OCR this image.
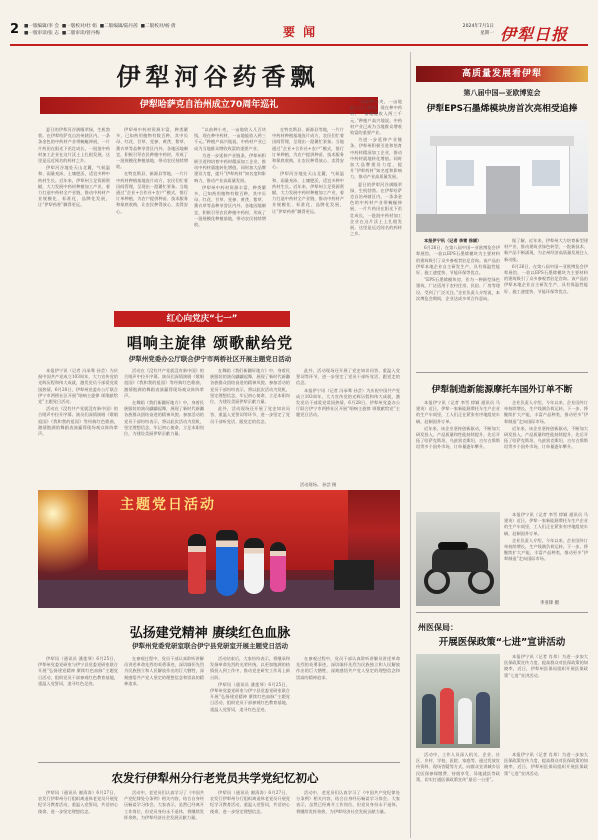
2 ■一版编辑/李 会 ■一版校对/杜 娟 ■二版编辑/陆丹茜 ■二版校对/杨 倩
■一版审读/张 志 ■二版审读/曾丹梅	要 闻	2024年7月1日
星期一 伊犁日报
伊犁河谷药香飘
伊犁哈萨克自治州成立70周年巡礼

夏日的伊犁河谷满眼翠绿，生机勃勃。在伊犁哈萨克自治州辖区内，一条条金色的中药材产业带蜿蜒伸展，一片片药田在阳光下茁壮成长，一批批中药材加工企业在这片沃土上扎根发展。这里是远近闻名的药材之乡。

伊犁河谷地处天山北麓，气候温和、雨量充沛，土壤肥沃，适宜多种中药材生长。近年来，伊犁州立足资源禀赋，大力发展中药材种植加工产业，着力打造中药材全产业链，推动中药材产业规模化、标准化、品牌化发展，让“伊犁药香”飘得更远。

伊犁州中药材资源丰富，种类繁多，已知药用植物有数百种，其中贝母、红花、甘草、党参、黄芪、紫草、薰衣草等品种享誉区内外。各地因地制宜，积极引导农民种植中药材，形成了一批规模化种植基地，带动农民持续增收。

在特克斯县、新源县等地，一片片中药材种植基地连片成方，农民们忙着田间管理，呈现出一派繁忙景象。当地通过“企业+合作社+农户”模式，推行订单种植，为农户提供种苗、技术服务和保底收购，让农民种得放心、卖得安心。

“以前种小麦，一亩地收入几百块钱，现在种中药材，一亩地能收入两三千元。”种植户高兴地说。中药材产业已成为当地群众增收致富的重要产业。

为进一步延伸产业链条，伊犁州积极引进和培育中药材精深加工企业，推动中药材就地转化增值。同时加大品牌建设力度，提升“伊犁药材”知名度和影响力，推动产业高质量发展。

伊犁州中药材资源丰富，种类繁多，已知药用植物有数百种，其中贝母、红花、甘草、党参、黄芪、紫草、薰衣草等品种享誉区内外。各地因地制宜，积极引导农民种植中药材，形成了一批规模化种植基地，带动农民持续增收。

在特克斯县、新源县等地，一片片中药材种植基地连片成方，农民们忙着田间管理，呈现出一派繁忙景象。当地通过“企业+合作社+农户”模式，推行订单种植，为农户提供种苗、技术服务和保底收购，让农民种得放心、卖得安心。

伊犁河谷地处天山北麓，气候温和、雨量充沛，土壤肥沃，适宜多种中药材生长。近年来，伊犁州立足资源禀赋，大力发展中药材种植加工产业，着力打造中药材全产业链，推动中药材产业规模化、标准化、品牌化发展，让“伊犁药香”飘得更远。

“以前种小麦，一亩地收入几百块钱，现在种中药材，一亩地能收入两三千元。”种植户高兴地说。中药材产业已成为当地群众增收致富的重要产业。

为进一步延伸产业链条，伊犁州积极引进和培育中药材精深加工企业，推动中药材就地转化增值。同时加大品牌建设力度，提升“伊犁药材”知名度和影响力，推动产业高质量发展。

夏日的伊犁河谷满眼翠绿，生机勃勃。在伊犁哈萨克自治州辖区内，一条条金色的中药材产业带蜿蜒伸展，一片片药田在阳光下茁壮成长，一批批中药材加工企业在这片沃土上扎根发展。这里是远近闻名的药材之乡。

红心向党庆“七一”
唱响主旋律 颂歌献给党
伊犁州党委办公厅联合伊宁市两桥社区开展主题党日活动

本报伊宁讯（记者 冯承骞 孙芸）为庆祝中国共产党成立103周年，大力宣传党的光辉历程和伟大成就，激发党员干部爱党爱国热情，6月28日，伊犁州党委办公厅联合伊宁市两桥社区开展“唱响主旋律 颂歌献给党”主题党日活动。

活动在《没有共产党就没有新中国》的合唱声中拉开序幕。演员们深情演唱《歌唱祖国》《我和我的祖国》等经典红色歌曲，激情饱满的舞蹈表演赢得现场观众阵阵掌声。

活动在《没有共产党就没有新中国》的合唱声中拉开序幕。演员们深情演唱《歌唱祖国》《我和我的祖国》等经典红色歌曲，激情饱满的舞蹈表演赢得现场观众阵阵掌声。

在舞蹈《我们新疆好地方》中，身着民族服装的演员翩翩起舞，展现了新时代新疆各族群众团结奋进的精神风貌。参加活动的党员干部纷纷表示，将以此次活动为契机，坚定理想信念，牢记初心使命，立足本职岗位，为建设美丽伊犁贡献力量。

在舞蹈《我们新疆好地方》中，身着民族服装的演员翩翩起舞，展现了新时代新疆各族群众团结奋进的精神风貌。参加活动的党员干部纷纷表示，将以此次活动为契机，坚定理想信念，牢记初心使命，立足本职岗位，为建设美丽伊犁贡献力量。

此外，活动现场还开展了党史知识问答、重温入党誓词等环节，进一步坚定了党员干部听党话、跟党走的信念。

此外，活动现场还开展了党史知识问答、重温入党誓词等环节，进一步坚定了党员干部听党话、跟党走的信念。

本报伊宁讯（记者 冯承骞 孙芸）为庆祝中国共产党成立103周年，大力宣传党的光辉历程和伟大成就，激发党员干部爱党爱国热情，6月28日，伊犁州党委办公厅联合伊宁市两桥社区开展“唱响主旋律 颂歌献给党”主题党日活动。

主题党日活动
活动现场。 孙芸 摄
弘扬建党精神 赓续红色血脉
伊犁州党委党研室联合伊宁县党研室开展主题党日活动

伊犁讯（通讯员 潘莲琴）6月25日，伊犁州党委党研室与伊宁县党委党研室联合开展“弘扬建党精神 赓续红色血脉”主题党日活动，组织党员干部参观红色教育基地，重温入党誓词，追寻红色足迹。

在参观过程中，党员干部认真聆听讲解员讲述革命先烈的英勇事迹，深切缅怀先烈为民族独立和人民解放作出的巨大牺牲，深刻感悟共产党人坚定的理想信念和崇高的精神追求。

活动结束后，大家纷纷表示，将继承和发扬革命先烈的光荣传统，以更加饱满的热情投入到工作中，推动党史研究工作再上新台阶。

伊犁讯（通讯员 潘莲琴）6月25日，伊犁州党委党研室与伊宁县党委党研室联合开展“弘扬建党精神 赓续红色血脉”主题党日活动，组织党员干部参观红色教育基地，重温入党誓词，追寻红色足迹。

在参观过程中，党员干部认真聆听讲解员讲述革命先烈的英勇事迹，深切缅怀先烈为民族独立和人民解放作出的巨大牺牲，深刻感悟共产党人坚定的理想信念和崇高的精神追求。

农发行伊犁州分行老党员共学党纪忆初心

伊犁讯（通讯员 谢清涛）6月27日，农发行伊犁州分行组织离退休老党员开展党纪学习教育活动，重温入党誓词，共话初心使命，进一步坚定理想信念。

活动中，老党员们认真学习了《中国共产党纪律处分条例》相关内容，结合自身经历畅谈学习体会。大家表示，虽然已经离开工作岗位，但党员身份永不退休，将继续发挥余热，为伊犁经济社会发展贡献力量。

伊犁讯（通讯员 谢清涛）6月27日，农发行伊犁州分行组织离退休老党员开展党纪学习教育活动，重温入党誓词，共话初心使命，进一步坚定理想信念。

活动中，老党员们认真学习了《中国共产党纪律处分条例》相关内容，结合自身经历畅谈学习体会。大家表示，虽然已经离开工作岗位，但党员身份永不退休，将继续发挥余热，为伊犁经济社会发展贡献力量。

高质量发展看伊犁
第八届中国—亚欧博览会
伊犁EPS石墨烯模块房首次亮相受追捧

本报伊宁讯（记者 李雪 徐颖）

6月26日，在第八届中国—亚欧博览会伊犁展馆，一款以EPS石墨烯模块为主要材料的建筑吸引了众多参观者驻足咨询。该产品由伊犁本地企业自主研发生产，具有保温性能好、施工速度快、节能环保等优点。

“EPS石墨烯模块房，作为一种新型绿色建筑，广泛适用于农村住房、民宿、厂房等建设，受到了广泛关注。”企业负责人介绍说，本次博览会期间，企业达成多项合作意向。

据了解，近年来，伊犁州大力培育新型建材产业，推动建筑业绿色转型，一批新技术、新产品不断涌现，为全州经济高质量发展注入新动能。

6月26日，在第八届中国—亚欧博览会伊犁展馆，一款以EPS石墨烯模块为主要材料的建筑吸引了众多参观者驻足咨询。该产品由伊犁本地企业自主研发生产，具有保温性能好、施工速度快、节能环保等优点。

伊犁制造新能源摩托车国外订单不断

本报伊宁讯（记者 李雪 徐颖 通讯员 马建英）近日，伊犁一家新能源摩托车生产企业的生产车间里，工人们正在紧张有序地组装车辆，赶制国外订单。

近年来，该企业坚持创新驱动，不断加大研发投入，产品质量和性能持续提升，先后开拓了哈萨克斯坦、乌兹别克斯坦、吉尔吉斯斯坦等多个国外市场，订单量逐年攀升。

企业负责人介绍，今年以来，企业国外订单持续增长，生产线满负荷运转。下一步，将继续扩大产能，丰富产品种类，推动更多“伊犁制造”走向国际市场。

近年来，该企业坚持创新驱动，不断加大研发投入，产品质量和性能持续提升，先后开拓了哈萨克斯坦、乌兹别克斯坦、吉尔吉斯斯坦等多个国外市场，订单量逐年攀升。

本报伊宁讯（记者 李雪 徐颖 通讯员 马建英）近日，伊犁一家新能源摩托车生产企业的生产车间里，工人们正在紧张有序地组装车辆，赶制国外订单。

企业负责人介绍，今年以来，企业国外订单持续增长，生产线满负荷运转。下一步，将继续扩大产能，丰富产品种类，推动更多“伊犁制造”走向国际市场。

李亚锋 摄
州医保局：
开展医保政策“七进”宣讲活动

本报伊宁讯（记者 肖邦）为进一步加大医保政策宣传力度，提高群众对医保政策的知晓率，近日，伊犁州医保局组织开展医保政策“七进”宣讲活动。

活动中，工作人员深入机关、企业、社区、乡村、学校、医院、家庭等，通过发放宣传资料、现场答疑等方式，向群众宣讲城乡居民医保参保缴费、待遇享受、异地就医等政策，切实打通医保政策宣传“最后一公里”。

本报伊宁讯（记者 肖邦）为进一步加大医保政策宣传力度，提高群众对医保政策的知晓率，近日，伊犁州医保局组织开展医保政策“七进”宣讲活动。
